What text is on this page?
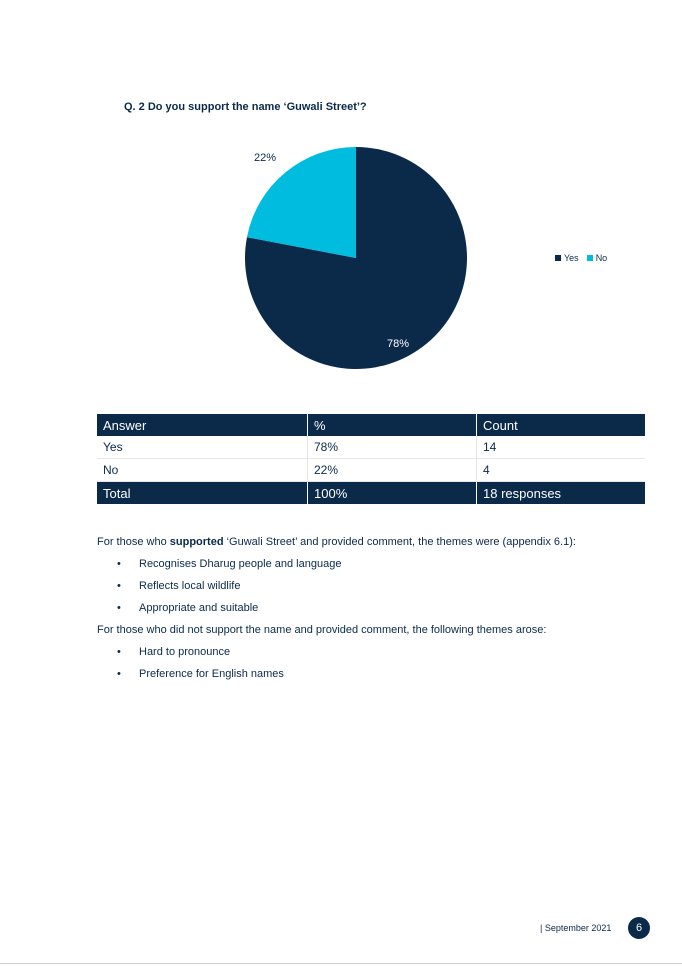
Q. 2 Do you support the name ‘Guwali Street’?
78%
22%
Yes No
Answer	%	Count
Yes	78%	14
No	22%	4
Total	100%	18 responses
For those who supported ‘Guwali Street’ and provided comment, the themes were (appendix 6.1):
•	Recognises Dharug people and language
•	Reflects local wildlife
•	Appropriate and suitable
For those who did not support the name and provided comment, the following themes arose:
•	Hard to pronounce
•	Preference for English names
| September 2021	6
